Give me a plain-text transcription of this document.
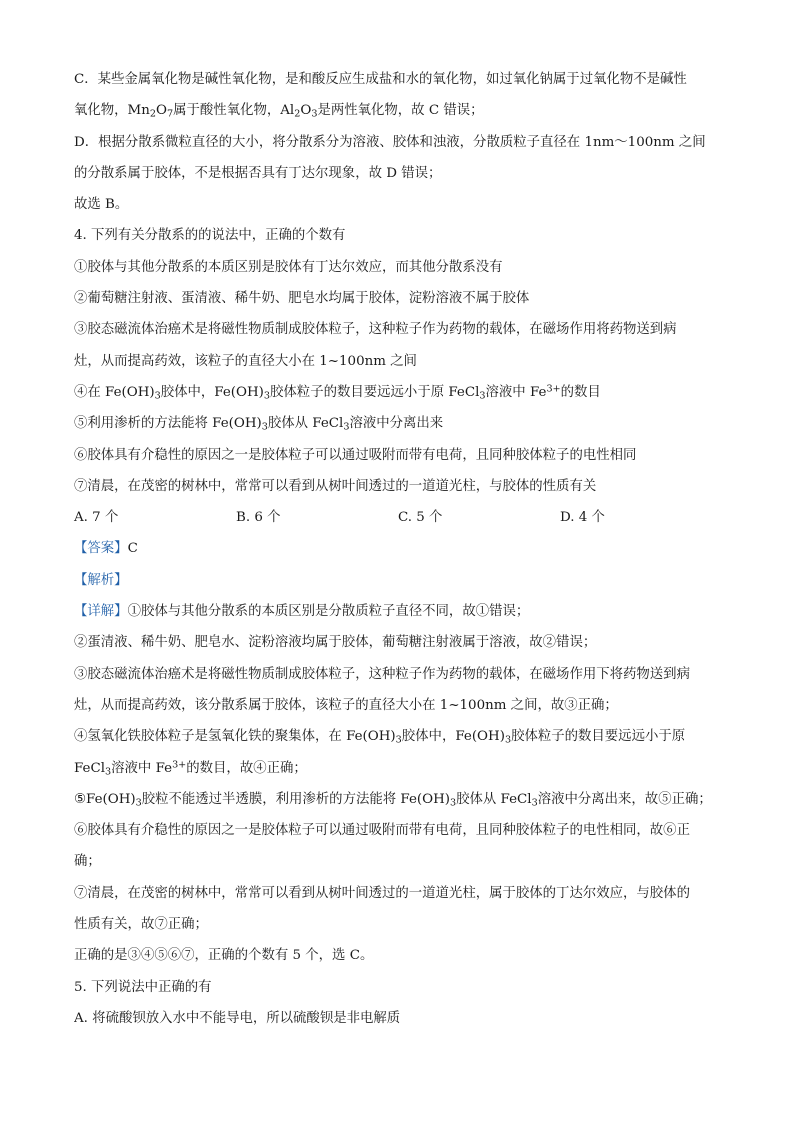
C．某些金属氧化物是碱性氧化物，是和酸反应生成盐和水的氧化物，如过氧化钠属于过氧化物不是碱性
氧化物，$Mn_2O_7$属于酸性氧化物，$Al_2O_3$是两性氧化物，故 C 错误；
D．根据分散系微粒直径的大小，将分散系分为溶液、胶体和浊液，分散质粒子直径在 1nm～100nm 之间
的分散系属于胶体，不是根据否具有丁达尔现象，故 D 错误；
故选 B。
4. 下列有关分散系的的说法中，正确的个数有
①胶体与其他分散系的本质区别是胶体有丁达尔效应，而其他分散系没有
②葡萄糖注射液、蛋清液、稀牛奶、肥皂水均属于胶体，淀粉溶液不属于胶体
③胶态磁流体治癌术是将磁性物质制成胶体粒子，这种粒子作为药物的载体，在磁场作用将药物送到病
灶，从而提高药效，该粒子的直径大小在 1~100nm 之间
④在 $Fe(OH)_3$胶体中，$Fe(OH)_3$胶体粒子的数目要远远小于原 FeCl$_3$溶液中 $Fe^{3+}$的数目
⑤利用渗析的方法能将 $Fe(OH)_3$胶体从 FeCl$_3$溶液中分离出来
⑥胶体具有介稳性的原因之一是胶体粒子可以通过吸附而带有电荷，且同种胶体粒子的电性相同
⑦清晨，在茂密的树林中，常常可以看到从树叶间透过的一道道光柱，与胶体的性质有关
A. 7 个	B. 6 个	C. 5 个	D. 4 个
【答案】C
【解析】
【详解】①胶体与其他分散系的本质区别是分散质粒子直径不同，故①错误；
②蛋清液、稀牛奶、肥皂水、淀粉溶液均属于胶体，葡萄糖注射液属于溶液，故②错误；
③胶态磁流体治癌术是将磁性物质制成胶体粒子，这种粒子作为药物的载体，在磁场作用下将药物送到病
灶，从而提高药效，该分散系属于胶体，该粒子的直径大小在 1~100nm 之间，故③正确；
④氢氧化铁胶体粒子是氢氧化铁的聚集体，在 $Fe(OH)_3$胶体中，$Fe(OH)_3$胶体粒子的数目要远远小于原
FeCl$_3$溶液中 $Fe^{3+}$的数目，故④正确；
$⑤Fe(OH)_3$胶粒不能透过半透膜，利用渗析的方法能将 $Fe(OH)_3$胶体从 FeCl$_3$溶液中分离出来，故⑤正确；
⑥胶体具有介稳性的原因之一是胶体粒子可以通过吸附而带有电荷，且同种胶体粒子的电性相同，故⑥正
确；
⑦清晨，在茂密的树林中，常常可以看到从树叶间透过的一道道光柱，属于胶体的丁达尔效应，与胶体的
性质有关，故⑦正确；
正确的是③④⑤⑥⑦，正确的个数有 5 个，选 C。
5. 下列说法中正确的有
A. 将硫酸钡放入水中不能导电，所以硫酸钡是非电解质
